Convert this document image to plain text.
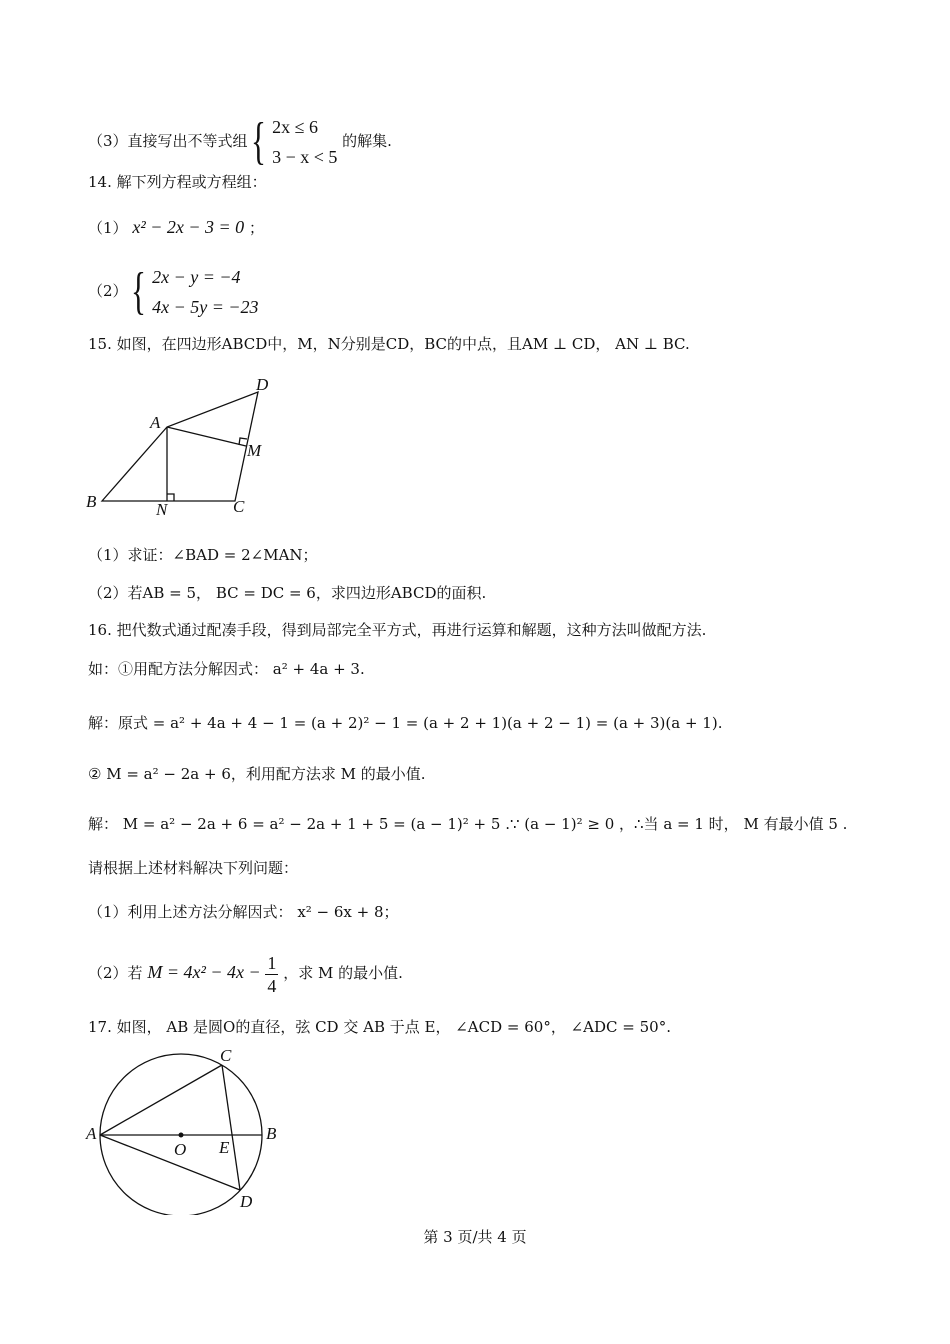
（3）直接写出不等式组 { 2x ≤ 6
3 − x < 5
的解集.
14. 解下列方程或方程组：
（1） x² − 2x − 3 = 0 ；
（2） { 2x − y = −4
4x − 5y = −23
15. 如图，在四边形ABCD中，M，N分别是CD，BC的中点，且AM ⊥ CD， AN ⊥ BC.
A
B	C
D
M
N
（1）求证：∠BAD = 2∠MAN；
（2）若AB = 5， BC = DC = 6，求四边形ABCD的面积.
16. 把代数式通过配凑手段，得到局部完全平方式，再进行运算和解题，这种方法叫做配方法.
如：①用配方法分解因式： a² + 4a + 3.
解：原式 = a² + 4a + 4 − 1 = (a + 2)² − 1 = (a + 2 + 1)(a + 2 − 1) = (a + 3)(a + 1).
② M = a² − 2a + 6，利用配方法求 M 的最小值.
解： M = a² − 2a + 6 = a² − 2a + 1 + 5 = (a − 1)² + 5 .∵ (a − 1)² ≥ 0 ，∴当 a = 1 时， M 有最小值 5 .
请根据上述材料解决下列问题：
（1）利用上述方法分解因式： x² − 6x + 8；
（2）若 $M = 4x^2 - 4x - \frac{1}{4}$ ，求 M 的最小值.
17. 如图， AB 是圆O的直径，弦 CD 交 AB 于点 E， ∠ACD = 60°， ∠ADC = 50°.
A	B
C
D
E
O
第 3 页/共 4 页
